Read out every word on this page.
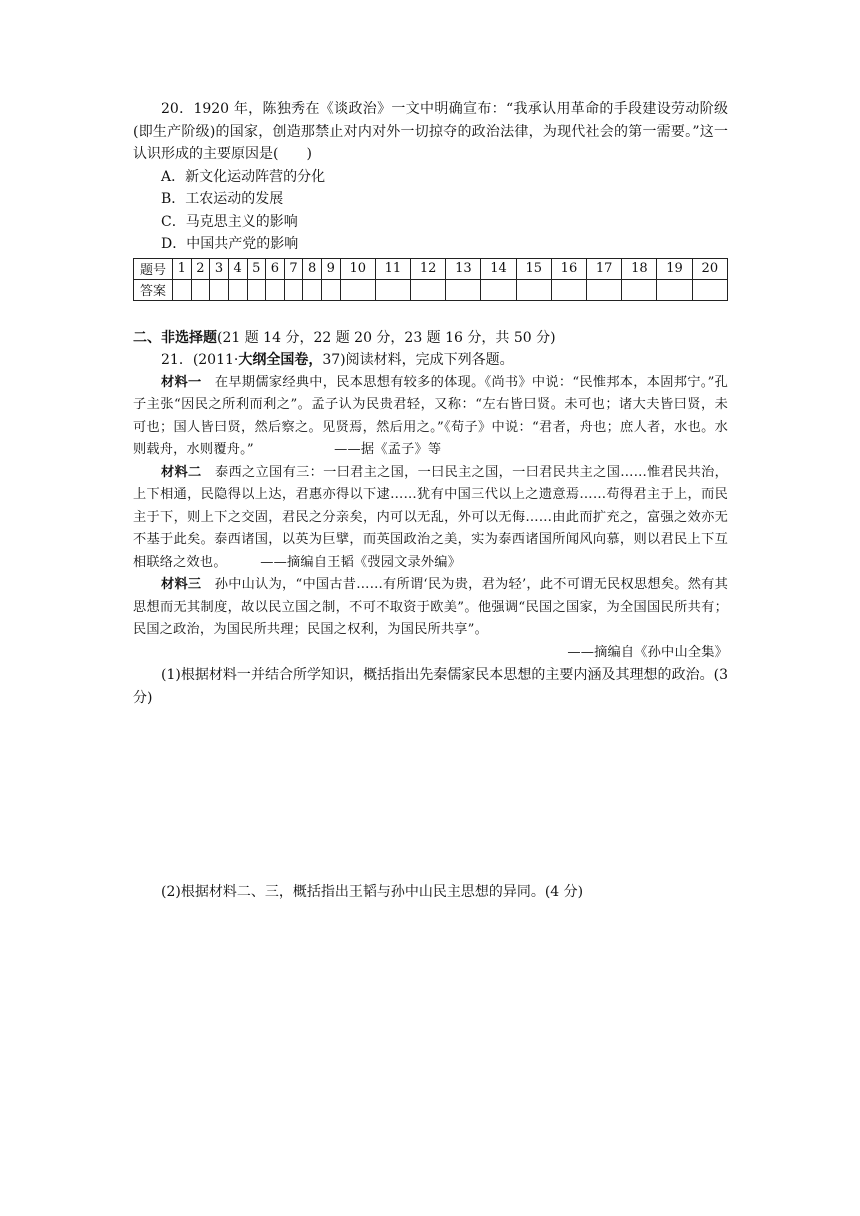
20．1920 年，陈独秀在《谈政治》一文中明确宣布：“我承认用革命的手段建设劳动阶级(即生产阶级)的国家，创造那禁止对内对外一切掠夺的政治法律，为现代社会的第一需要。”这一认识形成的主要原因是(　　)

A．新文化运动阵营的分化
B．工农运动的发展
C．马克思主义的影响
D．中国共产党的影响
题号	1	2	3	4	5	6	7	8	9	10	11	12	13	14	15	16	17	18	19	20
答案																				

二、非选择题(21 题 14 分，22 题 20 分，23 题 16 分，共 50 分)

21．(2011·大纲全国卷，37)阅读材料，完成下列各题。

材料一　在早期儒家经典中，民本思想有较多的体现。《尚书》中说：“民惟邦本，本固邦宁。”孔子主张“因民之所利而利之”。孟子认为民贵君轻，又称：“左右皆曰贤。未可也；诸大夫皆曰贤，未可也；国人皆曰贤，然后察之。见贤焉，然后用之。”《荀子》中说：“君者，舟也；庶人者，水也。水则载舟，水则覆舟。”　　　　　　——据《孟子》等

材料二　泰西之立国有三：一曰君主之国，一曰民主之国，一曰君民共主之国……惟君民共治，上下相通，民隐得以上达，君惠亦得以下逮……犹有中国三代以上之遗意焉……苟得君主于上，而民主于下，则上下之交固，君民之分亲矣，内可以无乱，外可以无侮……由此而扩充之，富强之效亦无不基于此矣。泰西诸国，以英为巨擘，而英国政治之美，实为泰西诸国所闻风向慕，则以君民上下互相联络之效也。　　　——摘编自王韬《弢园文录外编》

材料三　孙中山认为，“中国古昔……有所谓‘民为贵，君为轻’，此不可谓无民权思想矣。然有其思想而无其制度，故以民立国之制，不可不取资于欧美”。他强调“民国之国家，为全国国民所共有；民国之政治，为国民所共理；民国之权利，为国民所共享”。

——摘编自《孙中山全集》

(1)根据材料一并结合所学知识，概括指出先秦儒家民本思想的主要内涵及其理想的政治。(3 分)

(2)根据材料二、三，概括指出王韬与孙中山民主思想的异同。(4 分)
